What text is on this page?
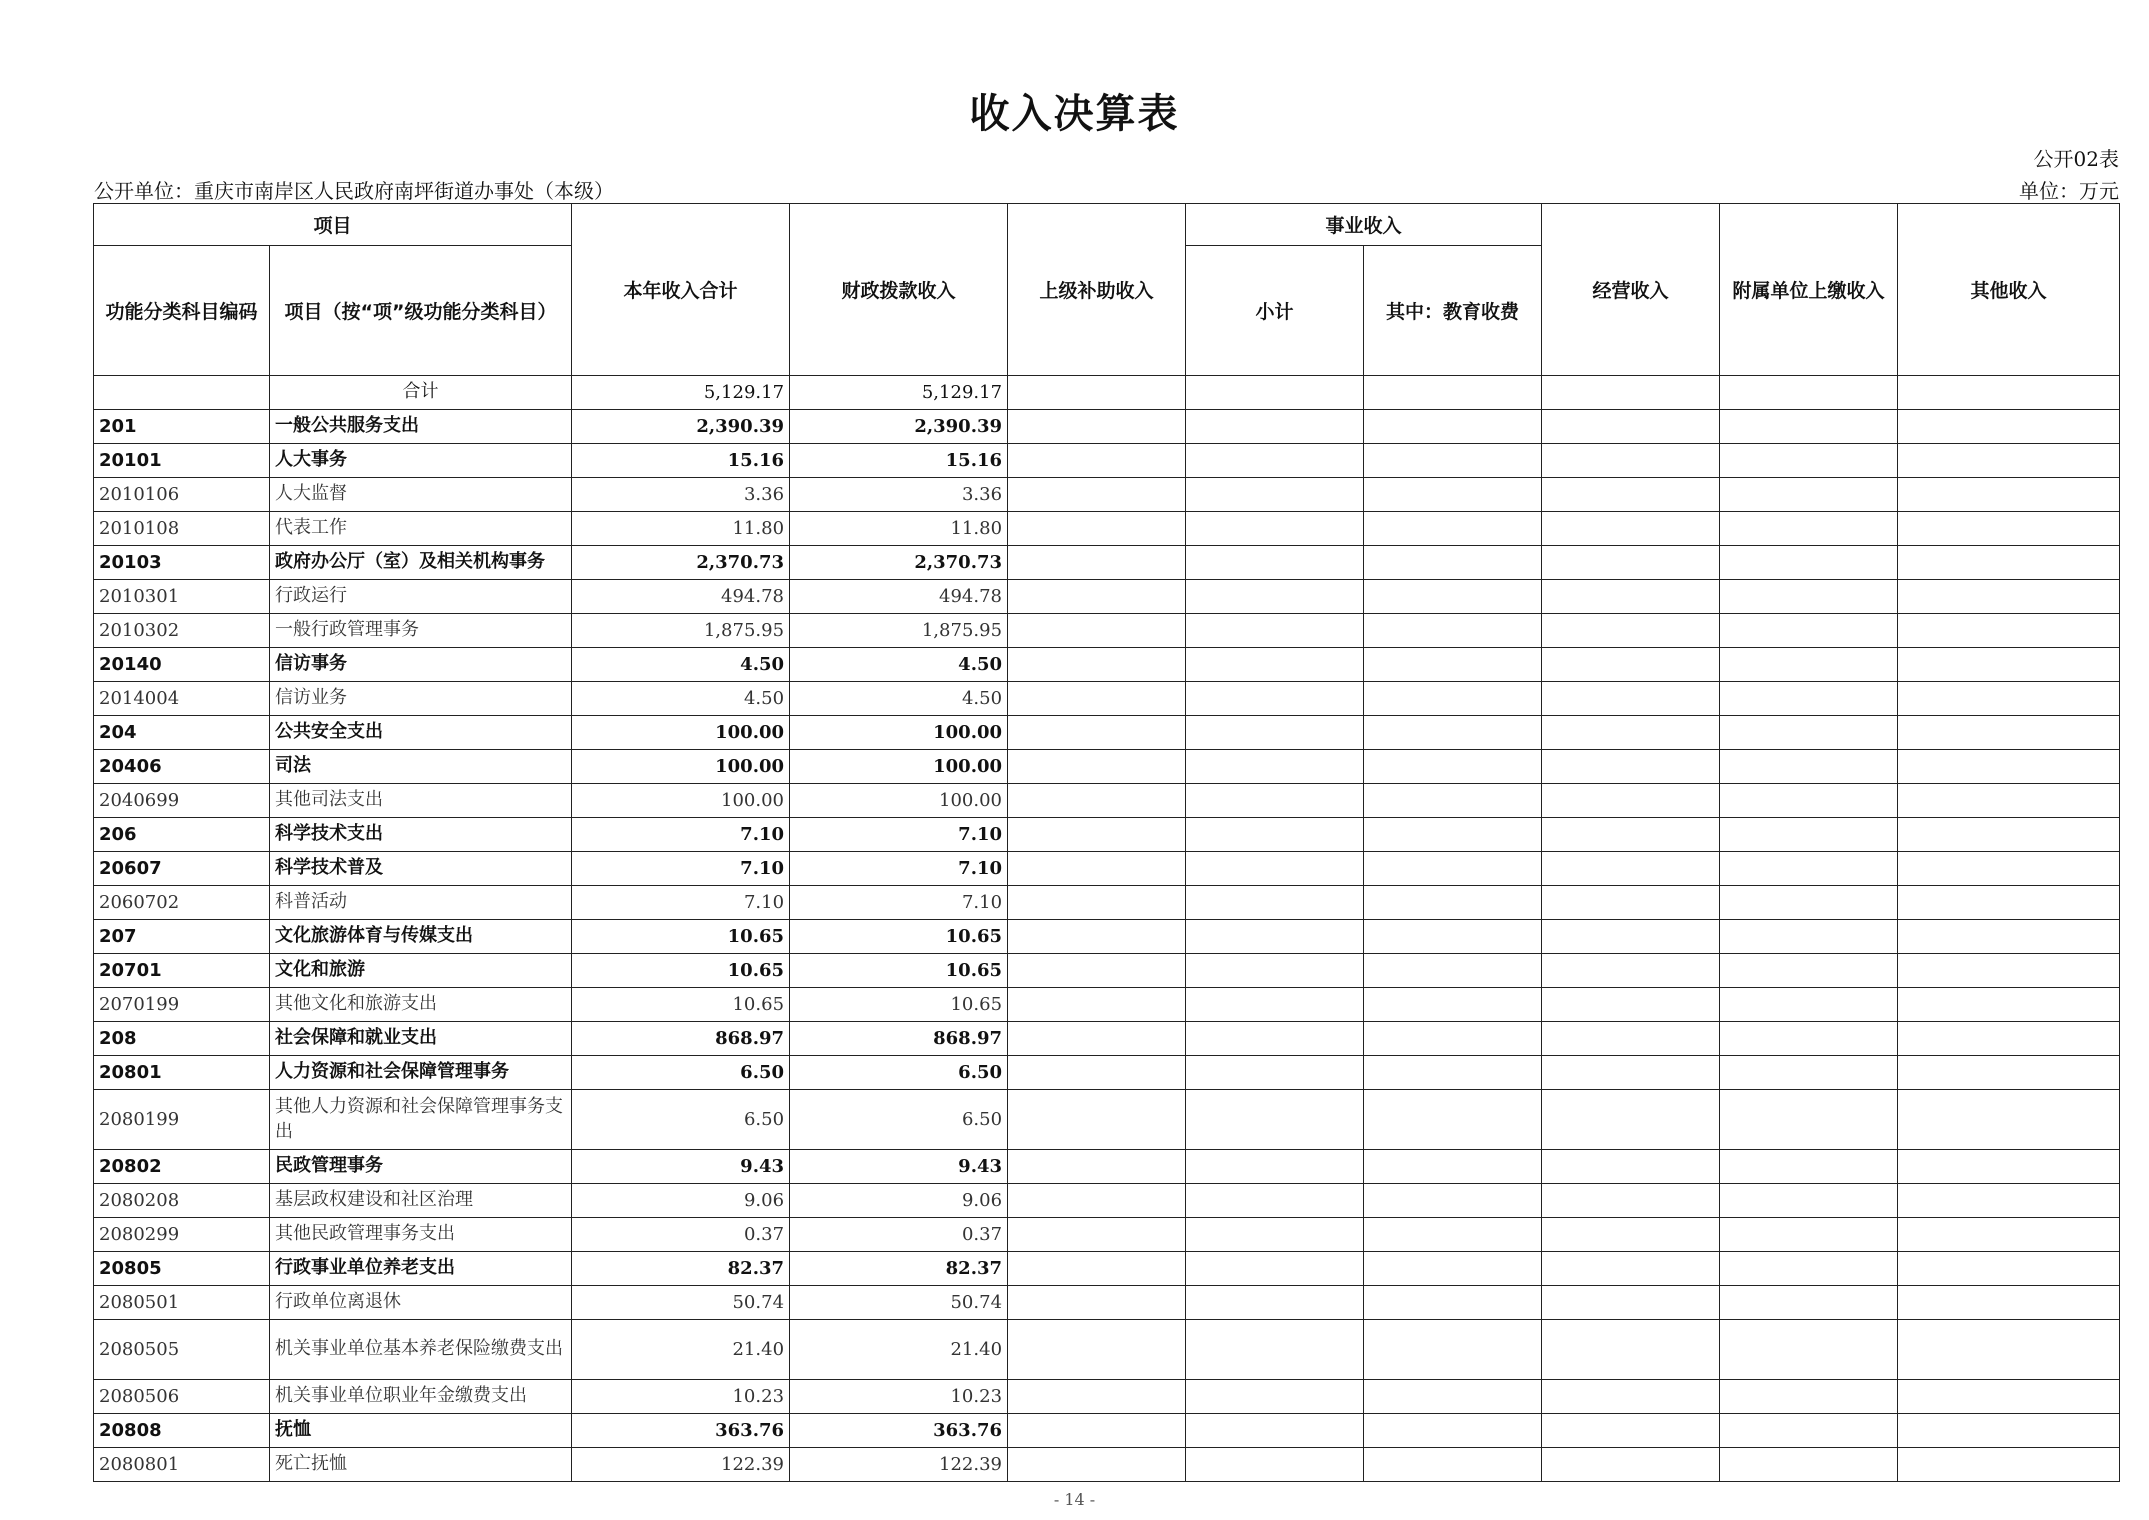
收入决算表
公开02表
公开单位：重庆市南岸区人民政府南坪街道办事处（本级）	单位：万元
项目		本年收入合计	财政拨款收入	上级补助收入	事业收入		经营收入	附属单位上缴收入	其他收入
功能分类科目编码	项目（按“项”级功能分类科目）				小计	其中：教育收费			
	合计	5,129.17	5,129.17						
201	一般公共服务支出	2,390.39	2,390.39						
20101	人大事务	15.16	15.16						
2010106	人大监督	3.36	3.36						
2010108	代表工作	11.80	11.80						
20103	政府办公厅（室）及相关机构事务	2,370.73	2,370.73						
2010301	行政运行	494.78	494.78						
2010302	一般行政管理事务	1,875.95	1,875.95						
20140	信访事务	4.50	4.50						
2014004	信访业务	4.50	4.50						
204	公共安全支出	100.00	100.00						
20406	司法	100.00	100.00						
2040699	其他司法支出	100.00	100.00						
206	科学技术支出	7.10	7.10						
20607	科学技术普及	7.10	7.10						
2060702	科普活动	7.10	7.10						
207	文化旅游体育与传媒支出	10.65	10.65						
20701	文化和旅游	10.65	10.65						
2070199	其他文化和旅游支出	10.65	10.65						
208	社会保障和就业支出	868.97	868.97						
20801	人力资源和社会保障管理事务	6.50	6.50						
2080199	其他人力资源和社会保障管理事务支出	6.50	6.50						
20802	民政管理事务	9.43	9.43						
2080208	基层政权建设和社区治理	9.06	9.06						
2080299	其他民政管理事务支出	0.37	0.37						
20805	行政事业单位养老支出	82.37	82.37						
2080501	行政单位离退休	50.74	50.74						
2080505	机关事业单位基本养老保险缴费支出	21.40	21.40						
2080506	机关事业单位职业年金缴费支出	10.23	10.23						
20808	抚恤	363.76	363.76						
2080801	死亡抚恤	122.39	122.39						
- 14 -
